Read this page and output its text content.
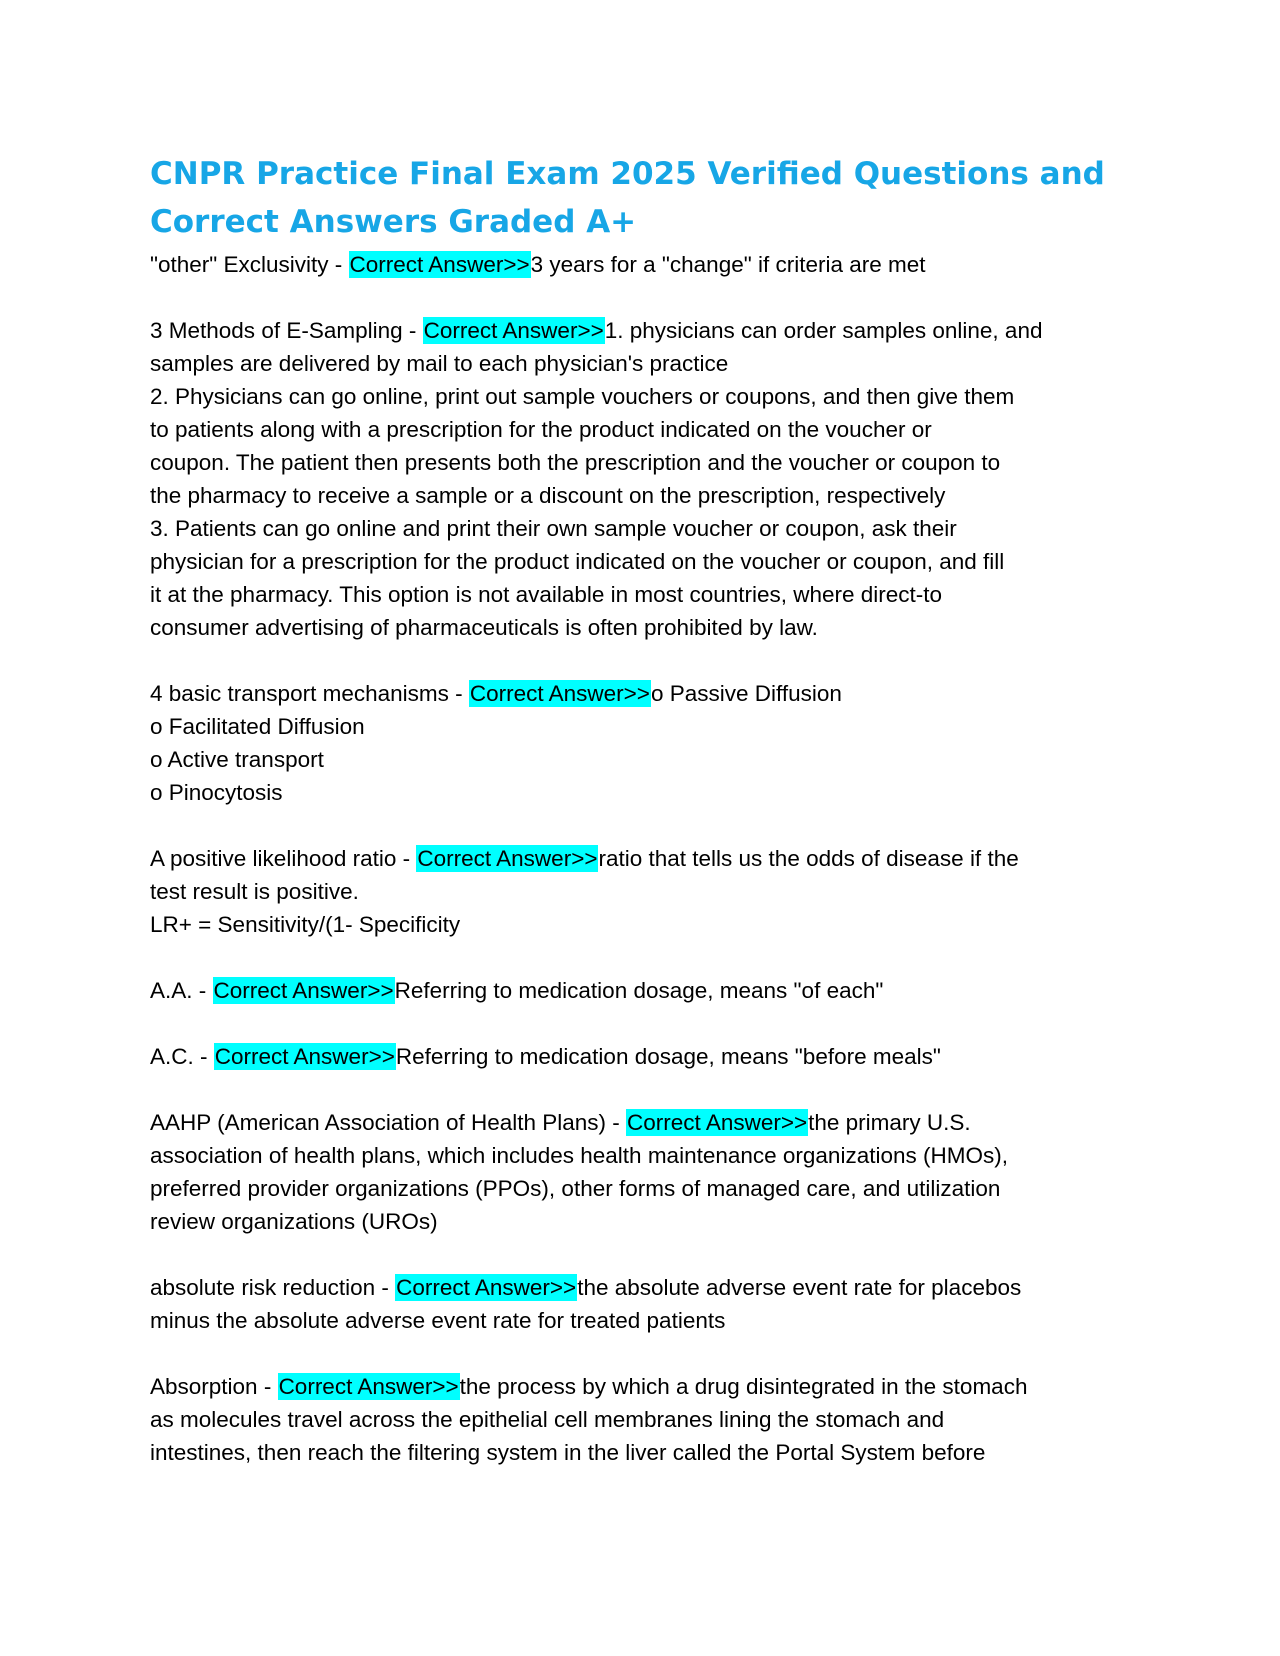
CNPR Practice Final Exam 2025 Verified Questions and
Correct Answers Graded A+
"other" Exclusivity - Correct Answer>>3 years for a "change" if criteria are met
3 Methods of E-Sampling - Correct Answer>>1. physicians can order samples online, and
samples are delivered by mail to each physician's practice
2. Physicians can go online, print out sample vouchers or coupons, and then give them
to patients along with a prescription for the product indicated on the voucher or
coupon. The patient then presents both the prescription and the voucher or coupon to
the pharmacy to receive a sample or a discount on the prescription, respectively
3. Patients can go online and print their own sample voucher or coupon, ask their
physician for a prescription for the product indicated on the voucher or coupon, and fill
it at the pharmacy. This option is not available in most countries, where direct-to
consumer advertising of pharmaceuticals is often prohibited by law.
4 basic transport mechanisms - Correct Answer>>o Passive Diffusion
o Facilitated Diffusion
o Active transport
o Pinocytosis
A positive likelihood ratio - Correct Answer>>ratio that tells us the odds of disease if the
test result is positive.
LR+ = Sensitivity/(1- Specificity
A.A. - Correct Answer>>Referring to medication dosage, means "of each"
A.C. - Correct Answer>>Referring to medication dosage, means "before meals"
AAHP (American Association of Health Plans) - Correct Answer>>the primary U.S.
association of health plans, which includes health maintenance organizations (HMOs),
preferred provider organizations (PPOs), other forms of managed care, and utilization
review organizations (UROs)
absolute risk reduction - Correct Answer>>the absolute adverse event rate for placebos
minus the absolute adverse event rate for treated patients
Absorption - Correct Answer>>the process by which a drug disintegrated in the stomach
as molecules travel across the epithelial cell membranes lining the stomach and
intestines, then reach the filtering system in the liver called the Portal System before
